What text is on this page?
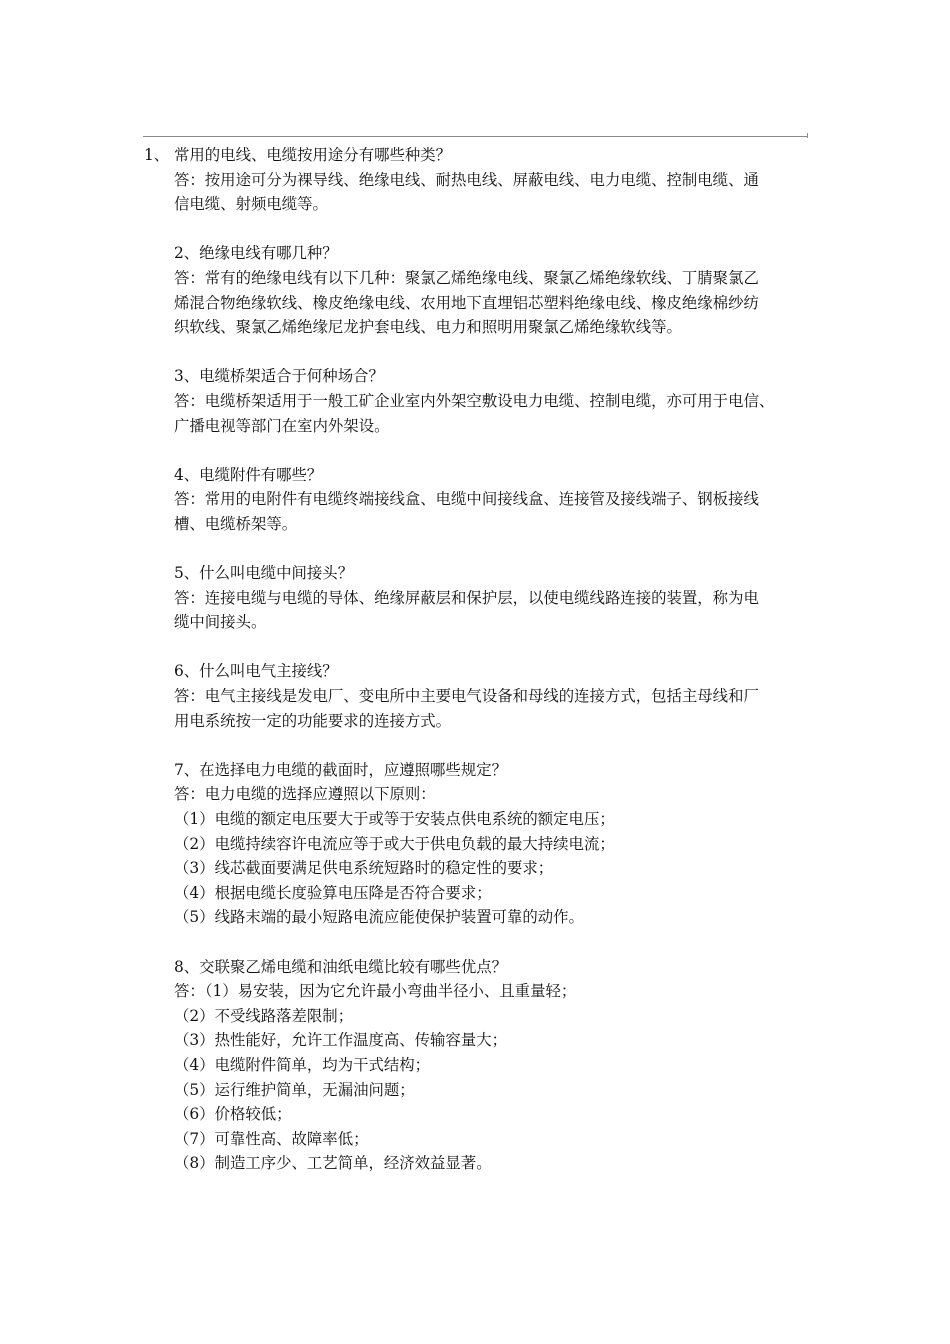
1、 常用的电线、电缆按用途分有哪些种类？
答：按用途可分为裸导线、绝缘电线、耐热电线、屏蔽电线、电力电缆、控制电缆、通
信电缆、射频电缆等。
2、绝缘电线有哪几种？
答：常有的绝缘电线有以下几种：聚氯乙烯绝缘电线、聚氯乙烯绝缘软线、丁腈聚氯乙
烯混合物绝缘软线、橡皮绝缘电线、农用地下直埋铝芯塑料绝缘电线、橡皮绝缘棉纱纺
织软线、聚氯乙烯绝缘尼龙护套电线、电力和照明用聚氯乙烯绝缘软线等。
3、电缆桥架适合于何种场合？
答：电缆桥架适用于一般工矿企业室内外架空敷设电力电缆、控制电缆，亦可用于电信、
广播电视等部门在室内外架设。
4、电缆附件有哪些？
答：常用的电附件有电缆终端接线盒、电缆中间接线盒、连接管及接线端子、钢板接线
槽、电缆桥架等。
5、什么叫电缆中间接头？
答：连接电缆与电缆的导体、绝缘屏蔽层和保护层，以使电缆线路连接的装置，称为电
缆中间接头。
6、什么叫电气主接线？
答：电气主接线是发电厂、变电所中主要电气设备和母线的连接方式，包括主母线和厂
用电系统按一定的功能要求的连接方式。
7、在选择电力电缆的截面时，应遵照哪些规定？
答：电力电缆的选择应遵照以下原则：
（1）电缆的额定电压要大于或等于安装点供电系统的额定电压；
（2）电缆持续容许电流应等于或大于供电负载的最大持续电流；
（3）线芯截面要满足供电系统短路时的稳定性的要求；
（4）根据电缆长度验算电压降是否符合要求；
（5）线路末端的最小短路电流应能使保护装置可靠的动作。
8、交联聚乙烯电缆和油纸电缆比较有哪些优点？
答：（1）易安装，因为它允许最小弯曲半径小、且重量轻；
（2）不受线路落差限制；
（3）热性能好，允许工作温度高、传输容量大；
（4）电缆附件简单，均为干式结构；
（5）运行维护简单，无漏油问题；
（6）价格较低；
（7）可靠性高、故障率低；
（8）制造工序少、工艺简单，经济效益显著。
